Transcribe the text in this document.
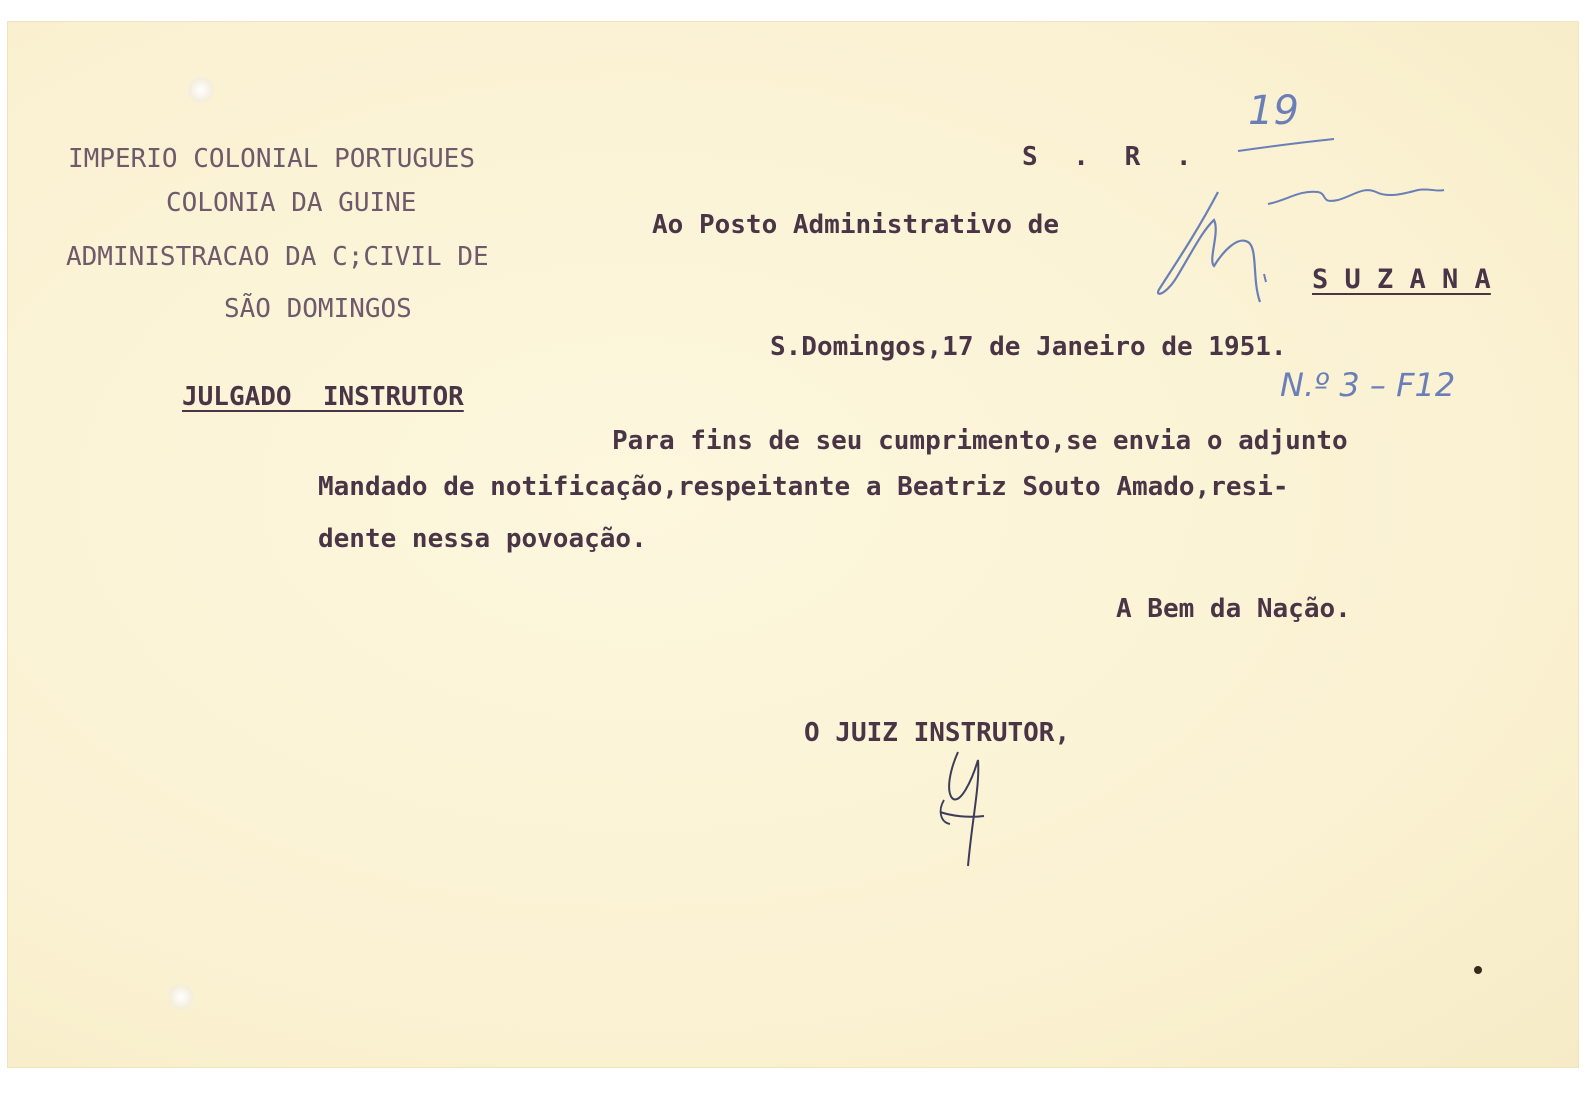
IMPERIO COLONIAL PORTUGUES
COLONIA DA GUINE
ADMINISTRACAO DA C;CIVIL DE
SÃO DOMINGOS
JULGADO  INSTRUTOR
S . R .
19
Ao Posto Administrativo de
S U Z A N A
S.Domingos,17 de Janeiro de 1951.
N.º 3 – F12
Para fins de seu cumprimento,se envia o adjunto
Mandado de notificação,respeitante a Beatriz Souto Amado,resi-
dente nessa povoação.
A Bem da Nação.
O JUIZ INSTRUTOR,
